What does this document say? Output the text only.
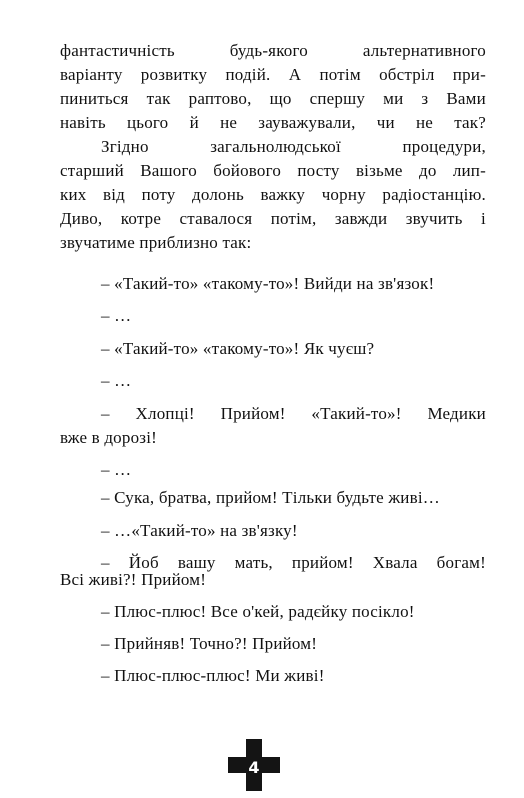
фантастичність	будь-якого	альтернативного
варіанту розвитку подій. А потім обстріл при-
пиниться так раптово, що спершу ми з Вами
навіть цього й не зауважували, чи не так?
Згідно	загальнолюдської	процедури,
старший Вашого бойового посту візьме до лип-
ких від поту долонь важку чорну радіостанцію.
Диво, котре ставалося потім, завжди звучить і

звучатиме приблизно так:

– «Такий-то» «такому-то»! Вийди на зв'язок!

– …

– «Такий-то» «такому-то»! Як чуєш?

– …

– Хлопці! Прийом! «Такий-то»! Медики

вже в дорозі!

– …

– Сука, братва, прийом! Тільки будьте живі…

– …«Такий-то» на зв'язку!

– Йоб вашу мать, прийом! Хвала богам!

Всі живі?! Прийом!

– Плюс-плюс! Все о'кей, радєйку посікло!

– Прийняв! Точно?! Прийом!

– Плюс-плюс-плюс! Ми живі!

4
